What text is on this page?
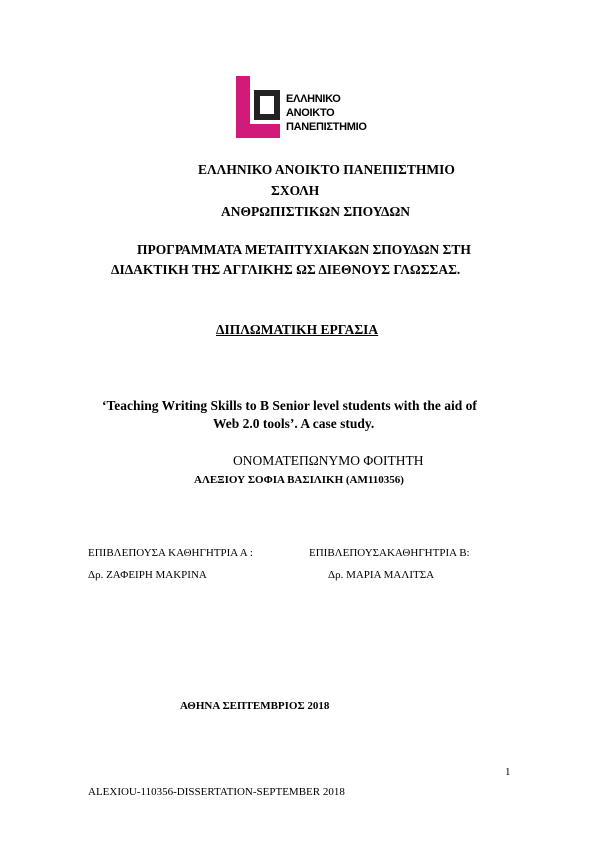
ΕΛΛΗΝΙΚΟ
ΑΝΟΙΚΤΟ
ΠΑΝΕΠΙΣΤΗΜΙΟ
ΕΛΛΗΝΙΚΟ ΑΝΟΙΚΤΟ ΠΑΝΕΠΙΣΤΗΜΙΟ
ΣΧΟΛΗ
ΑΝΘΡΩΠΙΣΤΙΚΩΝ ΣΠΟΥΔΩΝ
ΠΡΟΓΡΑΜΜΑΤΑ ΜΕΤΑΠΤΥΧΙΑΚΩΝ ΣΠΟΥΔΩΝ ΣΤΗ
ΔΙΔΑΚΤΙΚΗ ΤΗΣ ΑΓΓΛΙΚΗΣ ΩΣ ΔΙΕΘΝΟΥΣ ΓΛΩΣΣΑΣ.
ΔΙΠΛΩΜΑΤΙΚΗ ΕΡΓΑΣΙΑ
‘Teaching Writing Skills to B Senior level students with the aid of
Web 2.0 tools’. A case study.
ΟΝΟΜΑΤΕΠΩΝΥΜΟ ΦΟΙΤΗΤΗ
ΑΛΕΞΙΟΥ ΣΟΦΙΑ ΒΑΣΙΛΙΚΗ (ΑΜ110356)
ΕΠΙΒΛΕΠΟΥΣΑ ΚΑΘΗΓΗΤΡΙΑ Α :
Δρ. ΖΑΦΕΙΡΗ ΜΑΚΡΙΝΑ
ΕΠΙΒΛΕΠΟΥΣΑΚΑΘΗΓΗΤΡΙΑ Β:
Δρ. ΜΑΡΙΑ ΜΑΛΙΤΣΑ
ΑΘΗΝΑ ΣΕΠΤΕΜΒΡΙΟΣ 2018
1
ALEXIOU-110356-DISSERTATION-SEPTEMBER 2018
